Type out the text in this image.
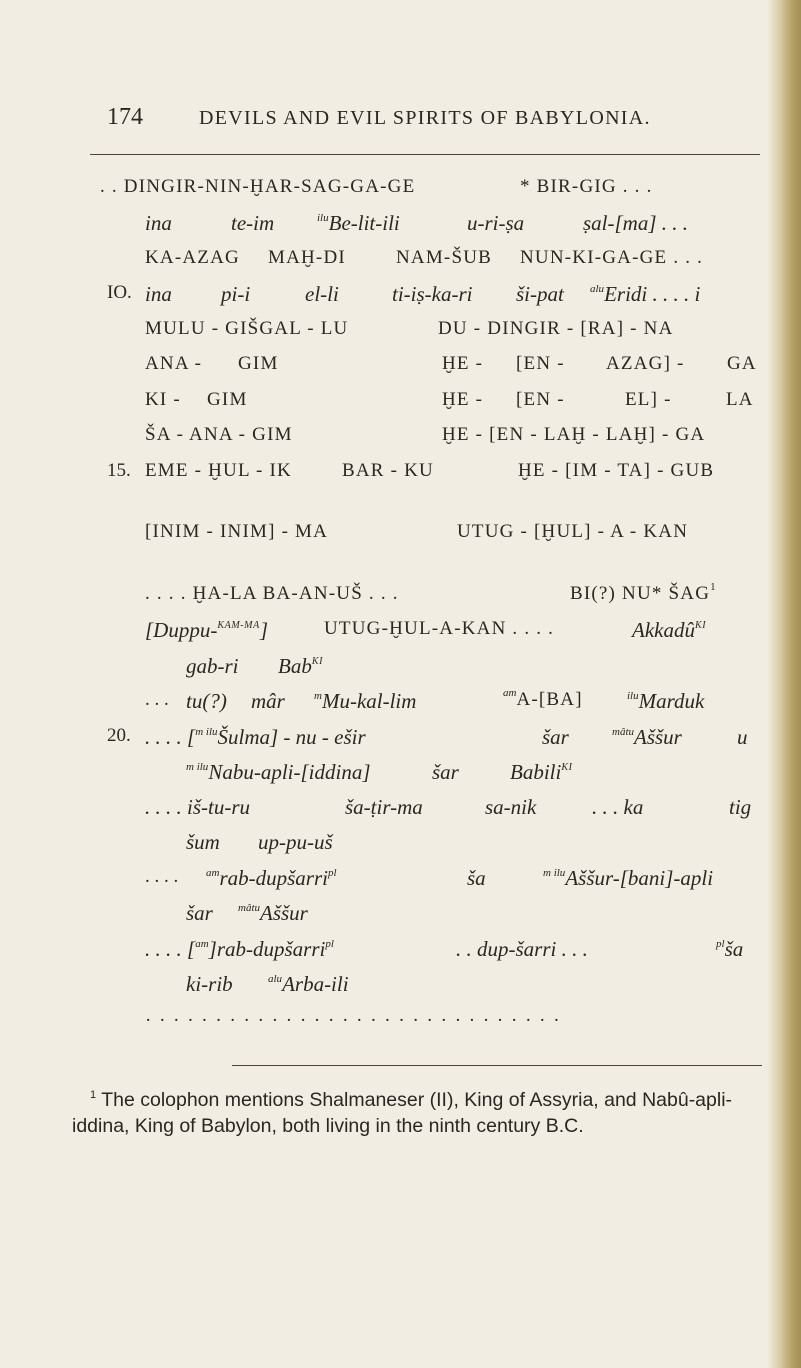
174	DEVILS AND EVIL SPIRITS OF BABYLONIA.
. . DINGIR-NIN-ḪAR-SAG-GA-GE	* BIR-GIG . . .
ina	te-im	$^{ilu}$Be-lit-ili	u-ri-ṣa	ṣal-[ma] . . .
KA-AZAG MAḪ-DI	NAM-ŠUB NUN-KI-GA-GE . . .
IO. ina pi-i	el-li	ti-iṣ-ka-ri ši-pat $^{alu}$Eridi . . . . i
MULU - GIŠGAL - LU	DU - DINGIR - [RA] - NA
ANA - GIM	ḪE - [EN - AZAG] - GA
KI - GIM	ḪE - [EN -	EL] -	LA
ŠA - ANA - GIM	ḪE - [EN - LAḪ - LAḪ] - GA
15. EME - ḪUL - IK	BAR - KU	ḪE - [IM - TA] - GUB
[INIM - INIM] - MA	UTUG - [ḪUL] - A - KAN
. . . . ḪA-LA BA-AN-UŠ . . .	BI(?) NU* ŠAG$^1$
[Duppu-$^{KAM-MA}$]	UTUG-ḪUL-A-KAN . . . .	Akkadû$^{KI}$
gab-ri Bab$^{KI}$
. . . tu(?) mâr	$^m$Mu-kal-lim	$^{am}$A-[BA]	$^{ilu}$Marduk
20. . . . . [$^{m ilu}$Šulma] - nu - ešir	šar	$^{mâtu}$Aššur	u
$^{m ilu}$Nabu-apli-[iddina]	šar Babili$^{KI}$
. . . . iš-tu-ru	ša-ṭir-ma	sa-nik	. . . ka	tig
šum up-pu-uš
. . . .	$^{am}$rab-dupšarri$^{pl}$	ša	$^{m ilu}$Aššur-[bani]-apli
šar $^{mâtu}$Aššur
. . . . [$^{am}$]rab-dupšarri$^{pl}$	. . dup-šarri . . .	$^{pl}$ša
ki-rib	$^{alu}$Arba-ili
· · · · · · · · · · · · · · · · · · · · · · · · · · · · · ·
$^1$ The colophon mentions Shalmaneser (II), King of Assyria, and Nabû-apli-iddina, King of Babylon, both living in the ninth century B.C.
